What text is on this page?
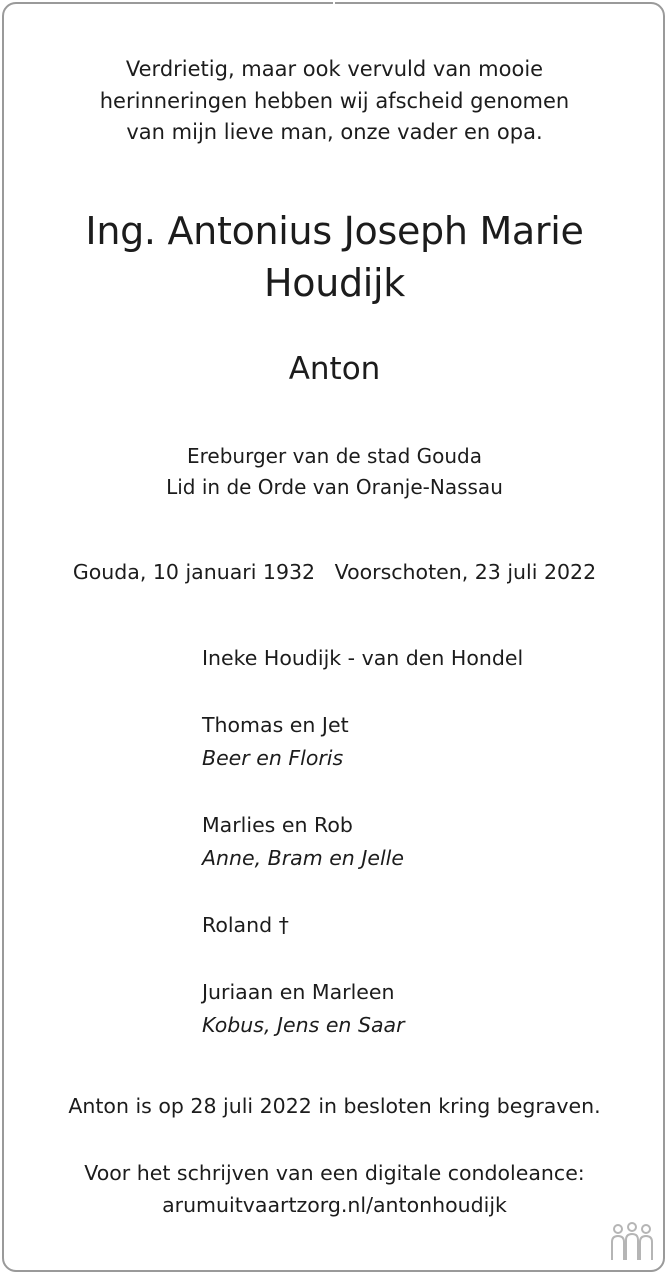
Verdrietig, maar ook vervuld van mooie
herinneringen hebben wij afscheid genomen
van mijn lieve man, onze vader en opa.
Ing. Antonius Joseph Marie
Houdijk
Anton
Ereburger van de stad Gouda
Lid in de Orde van Oranje-Nassau
Gouda, 10 januari 1932 Voorschoten, 23 juli 2022
Ineke Houdijk - van den Hondel
Thomas en Jet
Beer en Floris
Marlies en Rob
Anne, Bram en Jelle
Roland †
Juriaan en Marleen
Kobus, Jens en Saar
Anton is op 28 juli 2022 in besloten kring begraven.
Voor het schrijven van een digitale condoleance:
arumuitvaartzorg.nl/antonhoudijk
